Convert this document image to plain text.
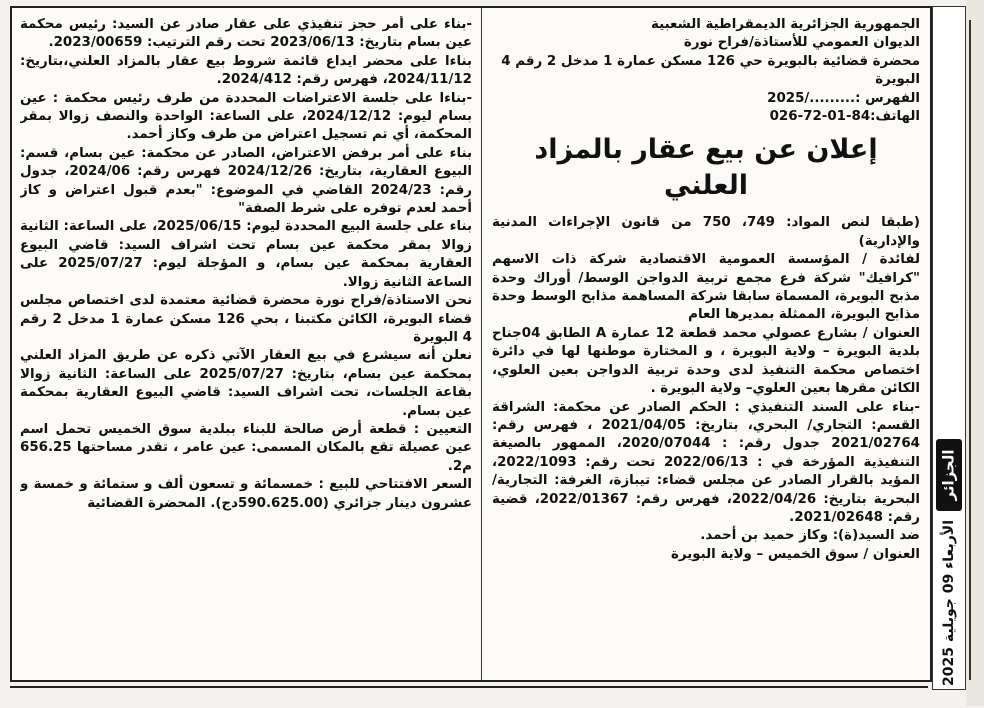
الجمهورية الجزائرية الديمقراطية الشعبية

الديوان العمومي للأستاذة/فراح نورة

محضرة قضائية بالبويرة حي 126 مسكن عمارة 1 مدخل 2 رقم 4 البويرة

الفهرس :........./2025

الهاتف:84-01-72-026

إعلان عن بيع عقار بالمزاد العلني

(طبقا لنص المواد: 749، 750 من قانون الإجراءات المدنية والإدارية)

لفائدة / المؤسسة العمومية الاقتصادية شركة ذات الاسهم "كرافيك" شركة فرع مجمع تربية الدواجن الوسط/ أوراك وحدة مذبح البويرة، المسماة سابقا شركة المساهمة مذابح الوسط وحدة مذابح البويرة، الممثلة بمديرها العام

العنوان / بشارع عصولي محمد قطعة 12 عمارة A الطابق 04جناح بلدية البويرة – ولاية البويرة ، و المختارة موطنها لها في دائرة اختصاص محكمة التنفيذ لدى وحدة تربية الدواجن بعين العلوي، الكائن مقرها بعين العلوي– ولاية البويرة .

-بناء على السند التنفيذي : الحكم الصادر عن محكمة: الشراقة القسم: التجاري/ البحري، بتاريخ: 2021/04/05 ، فهرس رقم: 2021/02764 جدول رقم: : 2020/07044، الممهور بالصيغة التنفيذية المؤرخة في : 2022/06/13 تحت رقم: 2022/1093، المؤيد بالقرار الصادر عن مجلس قضاء: تيبازة، الغرفة: التجارية/البحرية بتاريخ: 2022/04/26، فهرس رقم: 2022/01367، قضية رقم: 2021/02648.

ضد السيد(ة): وكاز حميد بن أحمد.

العنوان / سوق الخميس – ولاية البويرة

-بناء على أمر حجز تنفيذي على عقار صادر عن السيد: رئيس محكمة عين بسام بتاريخ: 2023/06/13 تحت رقم الترتيب: 2023/00659.

بناءا على محضر ايداع قائمة شروط بيع عقار بالمزاد العلني،بتاريخ: 2024/11/12، فهرس رقم: 2024/412.

-بناءا على جلسة الاعتراضات المحددة من طرف رئيس محكمة : عين بسام ليوم: 2024/12/12، على الساعة: الواحدة والنصف زوالا بمقر المحكمة، أي تم تسجيل اعتراض من طرف وكاز أحمد.

بناء على أمر برفض الاعتراض، الصادر عن محكمة: عين بسام، قسم: البيوع العقارية، بتاريخ: 2024/12/26 فهرس رقم: 2024/06، جدول رقم: 2024/23 القاضي في الموضوع: "بعدم قبول اعتراض و كاز أحمد لعدم توفره على شرط الصفة"

بناء على جلسة البيع المحددة ليوم: 2025/06/15، على الساعة: الثانية زوالا بمقر محكمة عين بسام تحت اشراف السيد: قاضي البيوع العقارية بمحكمة عين بسام، و المؤجلة ليوم: 2025/07/27 على الساعة الثانية زوالا.

نحن الاستاذة/فراح نورة محضرة قضائية معتمدة لدى اختصاص مجلس قضاء البويرة، الكائن مكتبنا ، بحي 126 مسكن عمارة 1 مدخل 2 رقم 4 البويرة

نعلن أنه سيشرع في بيع العقار الآتي ذكره عن طريق المزاد العلني بمحكمة عين بسام، بتاريخ: 2025/07/27 على الساعة: الثانية زوالا بقاعة الجلسات، تحت اشراف السيد: قاضي البيوع العقارية بمحكمة عين بسام.

التعيين : قطعة أرض صالحة للبناء ببلدية سوق الخميس تحمل اسم عين عصيلة تقع بالمكان المسمى: عين عامر ، تقدر مساحتها 656.25 م2.

السعر الافتتاحي للبيع : خمسمائة و تسعون ألف و ستمائة و خمسة و عشرون دينار جزائري (590.625.00دج). المحضرة القضائية

الجزائر
الأربعاء 09 جويلية 2025
